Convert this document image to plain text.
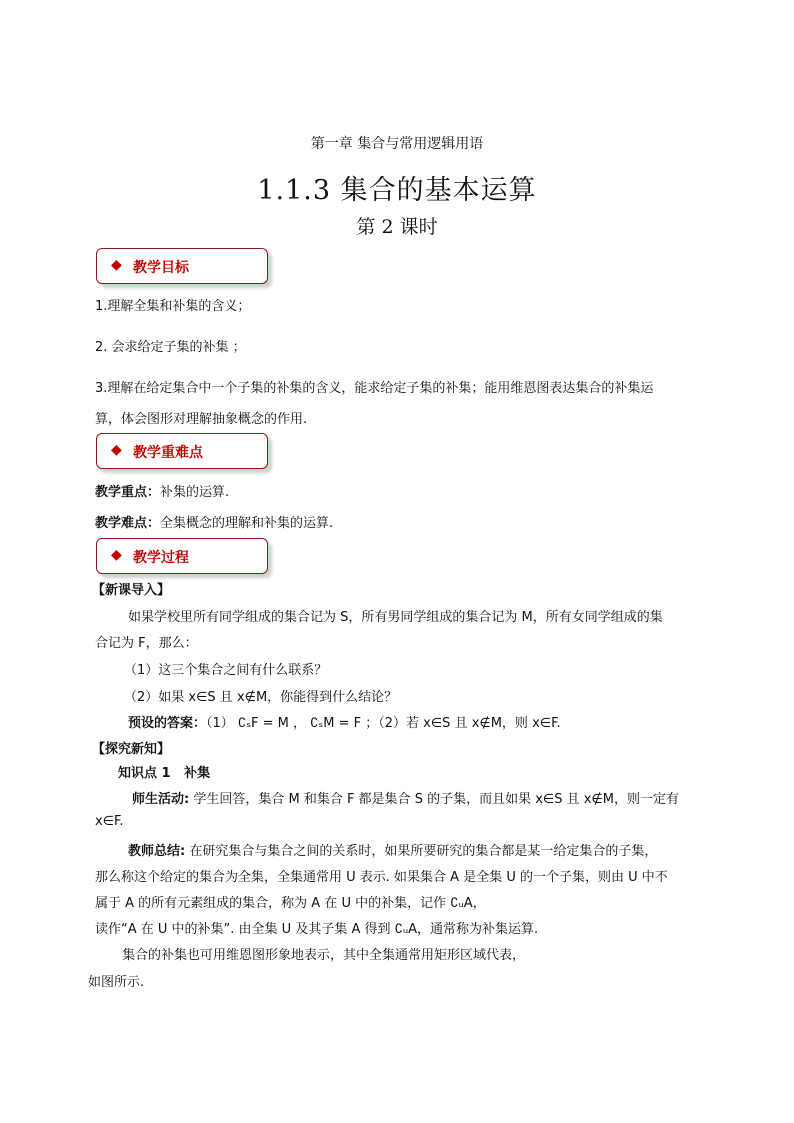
第一章 集合与常用逻辑用语
1.1.3 集合的基本运算
第 2 课时
◆ 教学目标
1.理解全集和补集的含义；
2. 会求给定子集的补集 ；
3.理解在给定集合中一个子集的补集的含义，能求给定子集的补集；能用维恩图表达集合的补集运
算，体会图形对理解抽象概念的作用.
◆ 教学重难点
教学重点：补集的运算.
教学难点：全集概念的理解和补集的运算.
◆ 教学过程
【新课导入】
如果学校里所有同学组成的集合记为 S，所有男同学组成的集合记为 M，所有女同学组成的集
合记为 F，那么：
（1）这三个集合之间有什么联系？
（2）如果 x∈S 且 x∉M，你能得到什么结论？
预设的答案：（1） ∁ₛF = M ， ∁ₛM = F ；（2）若 x∈S 且 x∉M，则 x∈F.
【探究新知】
知识点 1 补集
师生活动: 学生回答，集合 M 和集合 F 都是集合 S 的子集，而且如果 x∈S 且 x∉M，则一定有
x∈F.
教师总结: 在研究集合与集合之间的关系时，如果所要研究的集合都是某一给定集合的子集，
那么称这个给定的集合为全集，全集通常用 U 表示. 如果集合 A 是全集 U 的一个子集，则由 U 中不
属于 A 的所有元素组成的集合，称为 A 在 U 中的补集，记作 ∁ᵤA，
读作“A 在 U 中的补集”. 由全集 U 及其子集 A 得到 ∁ᵤA，通常称为补集运算.
集合的补集也可用维恩图形象地表示，其中全集通常用矩形区域代表，
如图所示.
